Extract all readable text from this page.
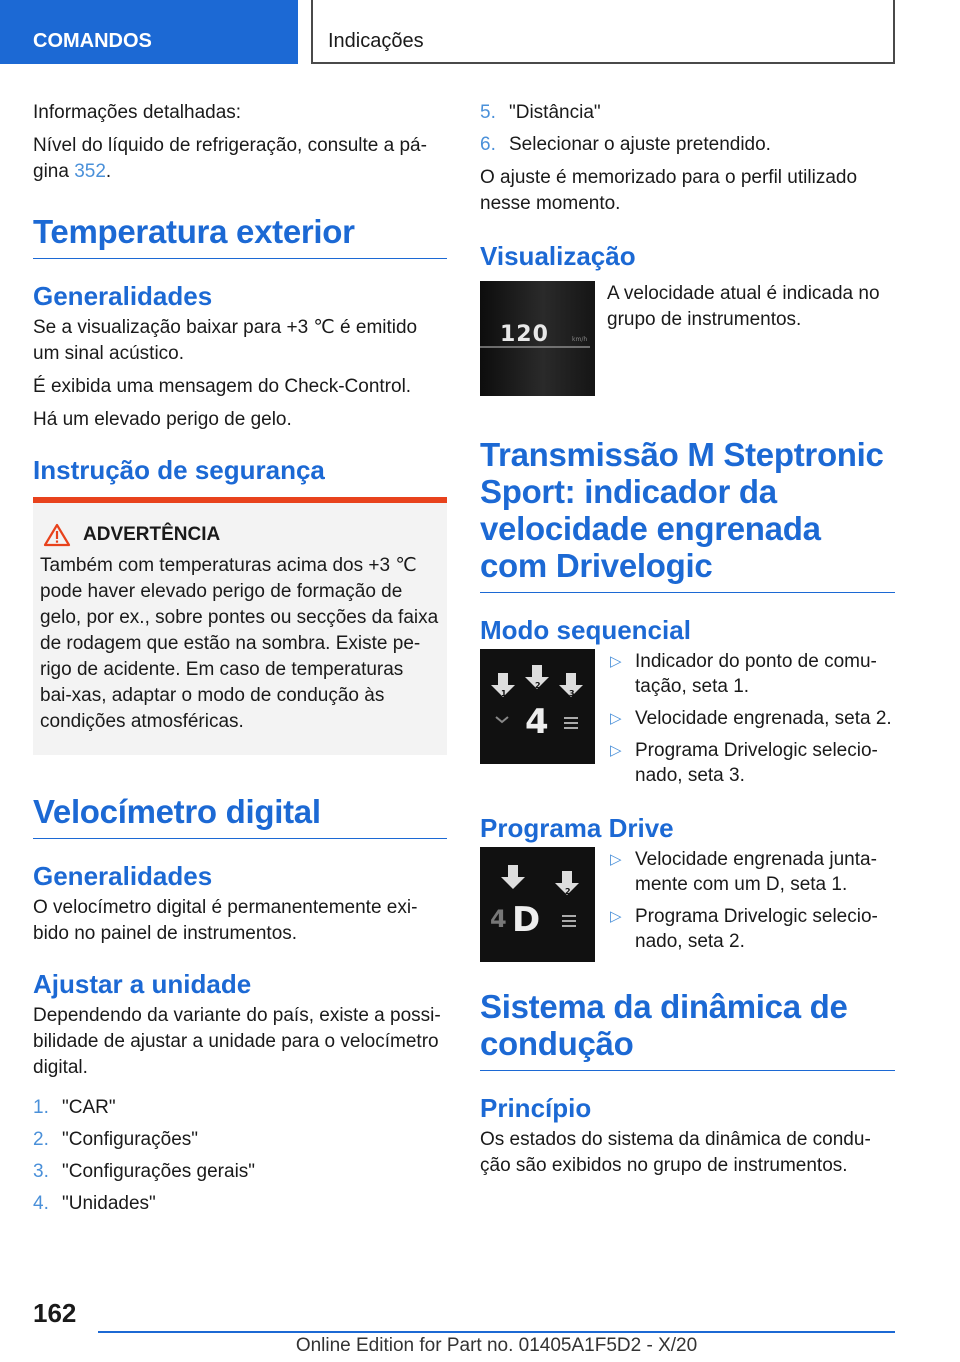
COMANDOS	Indicações

Informações detalhadas:

Nível do líquido de refrigeração, consulte a pá-gina 352.

Temperatura exterior
Generalidades

Se a visualização baixar para +3 ℃ é emitido um sinal acústico.

É exibida uma mensagem do Check-Control.

Há um elevado perigo de gelo.

Instrução de segurança
ADVERTÊNCIA

Também com temperaturas acima dos +3 ℃ pode haver elevado perigo de formação de gelo, por ex., sobre pontes ou secções da faixa de rodagem que estão na sombra. Existe pe-rigo de acidente. Em caso de temperaturas bai-xas, adaptar o modo de condução às condições atmosféricas.

Velocímetro digital
Generalidades

O velocímetro digital é permanentemente exi-bido no painel de instrumentos.

Ajustar a unidade

Dependendo da variante do país, existe a possi-bilidade de ajustar a unidade para o velocímetro digital.

1. "CAR"
2. "Configurações"
3. "Configurações gerais"
4. "Unidades"
5. "Distância"
6. Selecionar o ajuste pretendido.

O ajuste é memorizado para o perfil utilizado nesse momento.

Visualização
120	km/h

A velocidade atual é indicada no grupo de instrumentos.

Transmissão M Steptronic Sport: indicador da velocidade engrenada com Drivelogic
Modo sequencial
1
2
3
4
▷ Indicador do ponto de comu-tação, seta 1.
▷ Velocidade engrenada, seta 2.
▷ Programa Drivelogic selecio-nado, seta 3.
Programa Drive
2
4 D
▷ Velocidade engrenada junta-mente com um D, seta 1.
▷ Programa Drivelogic selecio-nado, seta 2.
Sistema da dinâmica de condução
Princípio

Os estados do sistema da dinâmica de condu-ção são exibidos no grupo de instrumentos.

162
Online Edition for Part no. 01405A1F5D2 - X/20
